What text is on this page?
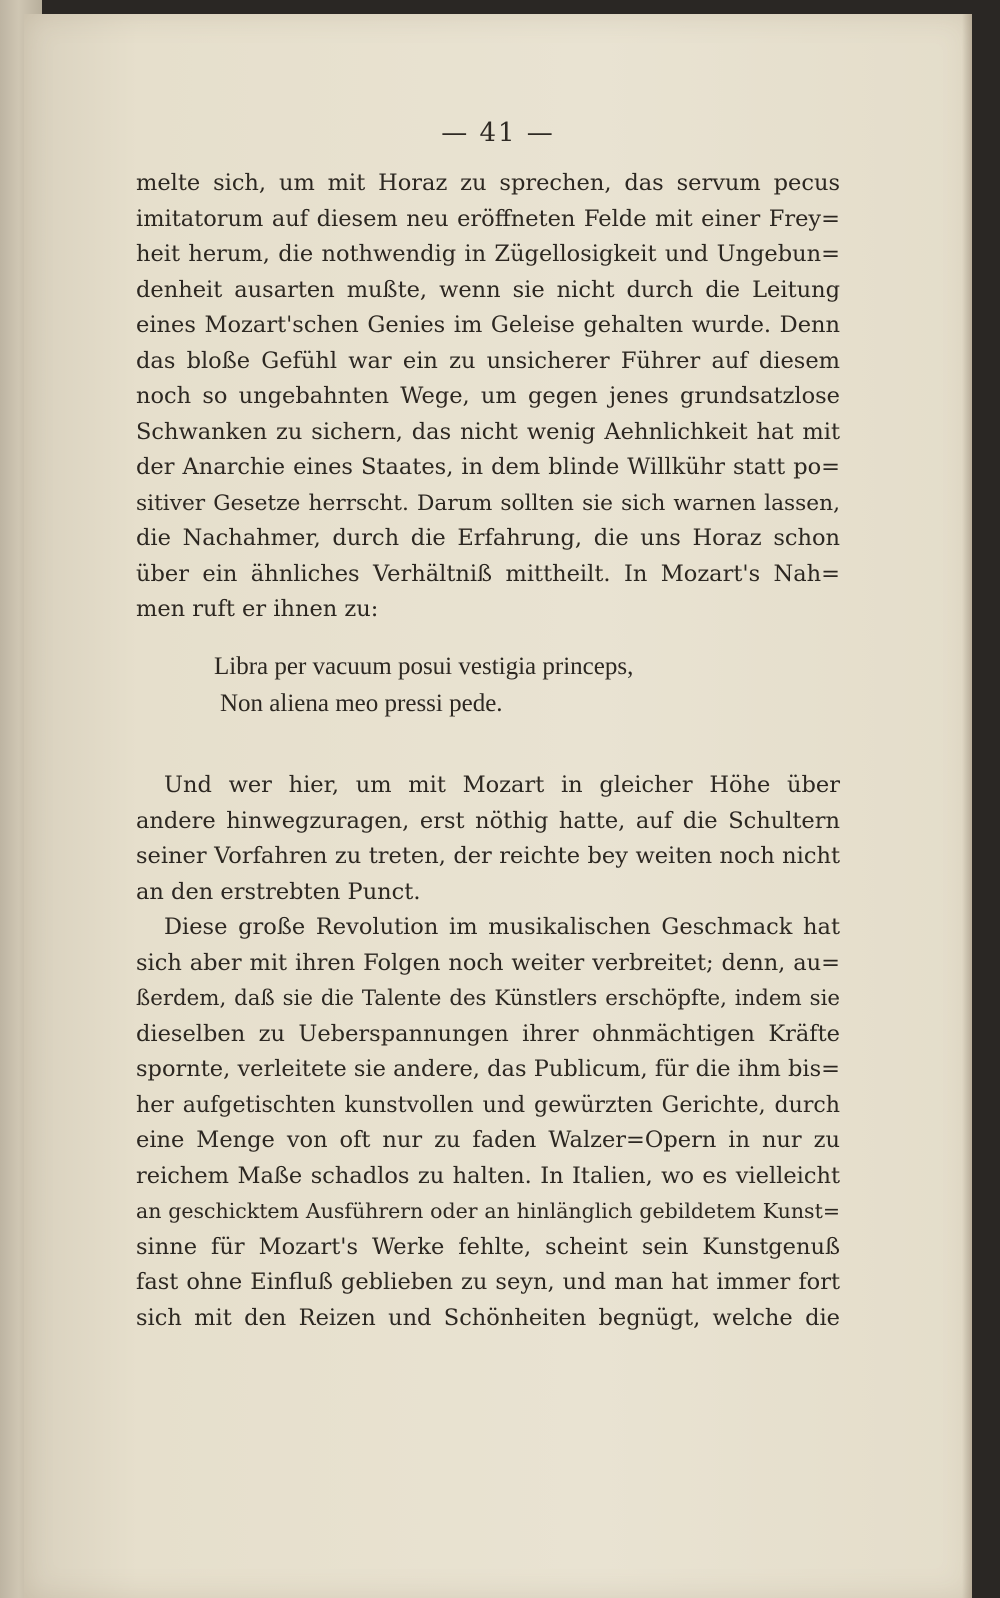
— 41 —
melte sich, um mit Horaz zu sprechen, das servum pecus
imitatorum auf diesem neu eröffneten Felde mit einer Frey=
heit herum, die nothwendig in Zügellosigkeit und Ungebun=
denheit ausarten mußte, wenn sie nicht durch die Leitung
eines Mozart'schen Genies im Geleise gehalten wurde. Denn
das bloße Gefühl war ein zu unsicherer Führer auf diesem
noch so ungebahnten Wege, um gegen jenes grundsatzlose
Schwanken zu sichern, das nicht wenig Aehnlichkeit hat mit
der Anarchie eines Staates, in dem blinde Willkühr statt po=
sitiver Gesetze herrscht. Darum sollten sie sich warnen lassen,
die Nachahmer, durch die Erfahrung, die uns Horaz schon
über ein ähnliches Verhältniß mittheilt. In Mozart's Nah=
men ruft er ihnen zu:
Libra per vacuum posui vestigia princeps,
Non aliena meo pressi pede.
Und wer hier, um mit Mozart in gleicher Höhe über
andere hinwegzuragen, erst nöthig hatte, auf die Schultern
seiner Vorfahren zu treten, der reichte bey weiten noch nicht
an den erstrebten Punct.
Diese große Revolution im musikalischen Geschmack hat
sich aber mit ihren Folgen noch weiter verbreitet; denn, au=
ßerdem, daß sie die Talente des Künstlers erschöpfte, indem sie
dieselben zu Ueberspannungen ihrer ohnmächtigen Kräfte
spornte, verleitete sie andere, das Publicum, für die ihm bis=
her aufgetischten kunstvollen und gewürzten Gerichte, durch
eine Menge von oft nur zu faden Walzer=Opern in nur zu
reichem Maße schadlos zu halten. In Italien, wo es vielleicht
an geschicktem Ausführern oder an hinlänglich gebildetem Kunst=
sinne für Mozart's Werke fehlte, scheint sein Kunstgenuß
fast ohne Einfluß geblieben zu seyn, und man hat immer fort
sich mit den Reizen und Schönheiten begnügt, welche die
